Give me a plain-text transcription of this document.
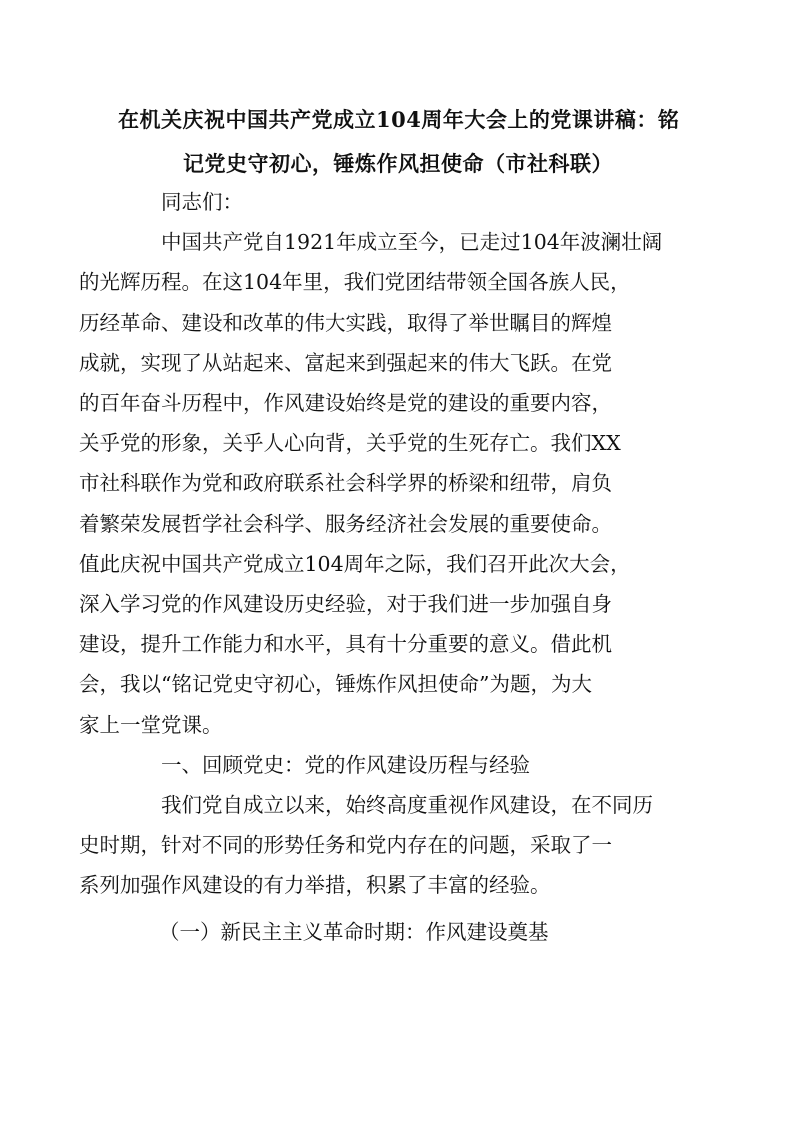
在机关庆祝中国共产党成立104周年大会上的党课讲稿：铭
记党史守初心，锤炼作风担使命（市社科联）

同志们：

中国共产党自1921年成立至今，已走过104年波澜壮阔
的光辉历程。在这104年里，我们党团结带领全国各族人民，
历经革命、建设和改革的伟大实践，取得了举世瞩目的辉煌
成就，实现了从站起来、富起来到强起来的伟大飞跃。在党
的百年奋斗历程中，作风建设始终是党的建设的重要内容，
关乎党的形象，关乎人心向背，关乎党的生死存亡。我们XX
市社科联作为党和政府联系社会科学界的桥梁和纽带，肩负
着繁荣发展哲学社会科学、服务经济社会发展的重要使命。
值此庆祝中国共产党成立104周年之际，我们召开此次大会，
深入学习党的作风建设历史经验，对于我们进一步加强自身
建设，提升工作能力和水平，具有十分重要的意义。借此机
会，我以“铭记党史守初心，锤炼作风担使命”为题，为大
家上一堂党课。

一、回顾党史：党的作风建设历程与经验

我们党自成立以来，始终高度重视作风建设，在不同历
史时期，针对不同的形势任务和党内存在的问题，采取了一
系列加强作风建设的有力举措，积累了丰富的经验。

（一）新民主主义革命时期：作风建设奠基
